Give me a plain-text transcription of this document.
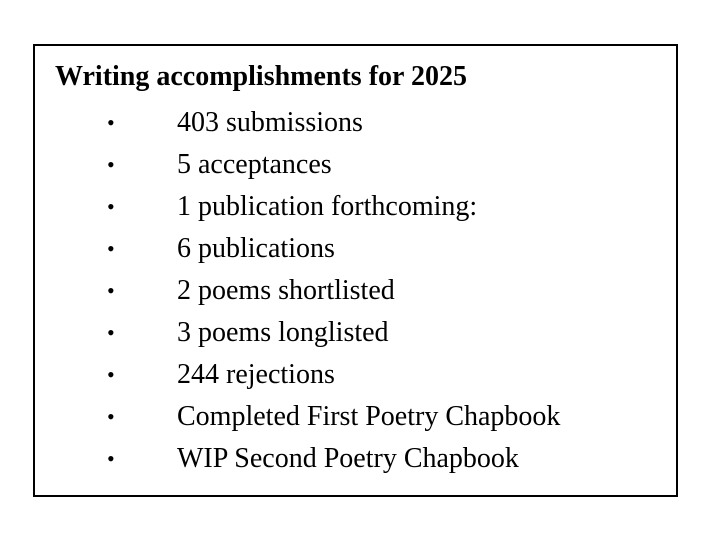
Writing accomplishments for 2025
•	403 submissions
•	5 acceptances
•	1 publication forthcoming:
•	6 publications
•	2 poems shortlisted
•	3 poems longlisted
•	244 rejections
•	Completed First Poetry Chapbook
•	WIP Second Poetry Chapbook
